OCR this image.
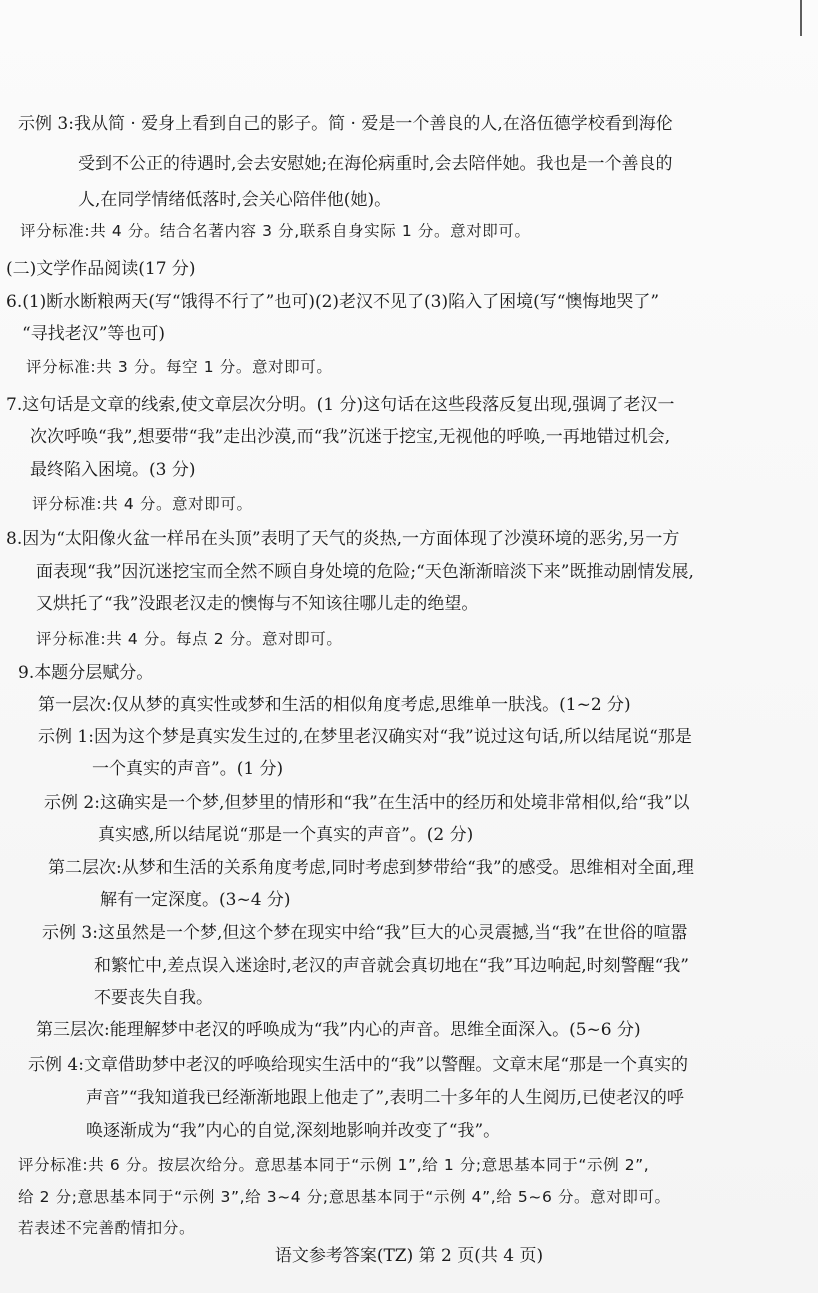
示例 3:我从简 · 爱身上看到自己的影子。简 · 爱是一个善良的人,在洛伍德学校看到海伦
受到不公正的待遇时,会去安慰她;在海伦病重时,会去陪伴她。我也是一个善良的
人,在同学情绪低落时,会关心陪伴他(她)。
评分标准:共 4 分。结合名著内容 3 分,联系自身实际 1 分。意对即可。
(二)文学作品阅读(17 分)
6.(1)断水断粮两天(写“饿得不行了”也可)(2)老汉不见了(3)陷入了困境(写“懊悔地哭了”
“寻找老汉”等也可)
评分标准:共 3 分。每空 1 分。意对即可。
7.这句话是文章的线索,使文章层次分明。(1 分)这句话在这些段落反复出现,强调了老汉一
次次呼唤“我”,想要带“我”走出沙漠,而“我”沉迷于挖宝,无视他的呼唤,一再地错过机会,
最终陷入困境。(3 分)
评分标准:共 4 分。意对即可。
8.因为“太阳像火盆一样吊在头顶”表明了天气的炎热,一方面体现了沙漠环境的恶劣,另一方
面表现“我”因沉迷挖宝而全然不顾自身处境的危险;“天色渐渐暗淡下来”既推动剧情发展,
又烘托了“我”没跟老汉走的懊悔与不知该往哪儿走的绝望。
评分标准:共 4 分。每点 2 分。意对即可。
9.本题分层赋分。
第一层次:仅从梦的真实性或梦和生活的相似角度考虑,思维单一肤浅。(1~2 分)
示例 1:因为这个梦是真实发生过的,在梦里老汉确实对“我”说过这句话,所以结尾说“那是
一个真实的声音”。(1 分)
示例 2:这确实是一个梦,但梦里的情形和“我”在生活中的经历和处境非常相似,给“我”以
真实感,所以结尾说“那是一个真实的声音”。(2 分)
第二层次:从梦和生活的关系角度考虑,同时考虑到梦带给“我”的感受。思维相对全面,理
解有一定深度。(3~4 分)
示例 3:这虽然是一个梦,但这个梦在现实中给“我”巨大的心灵震撼,当“我”在世俗的喧嚣
和繁忙中,差点误入迷途时,老汉的声音就会真切地在“我”耳边响起,时刻警醒“我”
不要丧失自我。
第三层次:能理解梦中老汉的呼唤成为“我”内心的声音。思维全面深入。(5~6 分)
示例 4:文章借助梦中老汉的呼唤给现实生活中的“我”以警醒。文章末尾“那是一个真实的
声音”“我知道我已经渐渐地跟上他走了”,表明二十多年的人生阅历,已使老汉的呼
唤逐渐成为“我”内心的自觉,深刻地影响并改变了“我”。
评分标准:共 6 分。按层次给分。意思基本同于“示例 1”,给 1 分;意思基本同于“示例 2”,
给 2 分;意思基本同于“示例 3”,给 3~4 分;意思基本同于“示例 4”,给 5~6 分。意对即可。
若表述不完善酌情扣分。
语文参考答案(TZ) 第 2 页(共 4 页)
